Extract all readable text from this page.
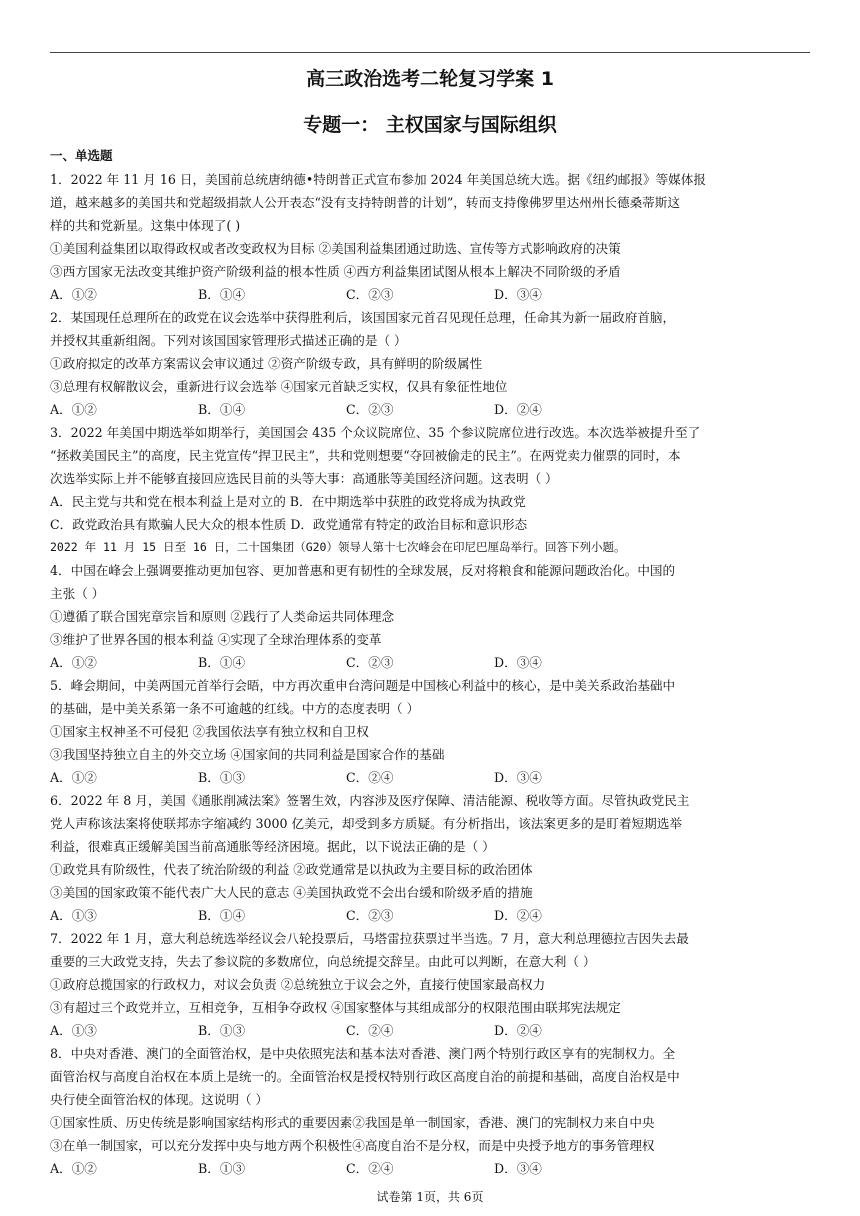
高三政治选考二轮复习学案 1
专题一： 主权国家与国际组织
一、单选题
1．2022 年 11 月 16 日，美国前总统唐纳德•特朗普正式宣布参加 2024 年美国总统大选。据《纽约邮报》等媒体报
道，越来越多的美国共和党超级捐款人公开表态“没有支持特朗普的计划”，转而支持像佛罗里达州州长德桑蒂斯这
样的共和党新星。这集中体现了( )
①美国利益集团以取得政权或者改变政权为目标 ②美国利益集团通过助选、宣传等方式影响政府的决策
③西方国家无法改变其维护资产阶级利益的根本性质 ④西方利益集团试图从根本上解决不同阶级的矛盾
A．①②	B．①④	C．②③	D．③④
2．某国现任总理所在的政党在议会选举中获得胜利后，该国国家元首召见现任总理，任命其为新一届政府首脑，
并授权其重新组阁。下列对该国国家管理形式描述正确的是（ ）
①政府拟定的改革方案需议会审议通过 ②资产阶级专政，具有鲜明的阶级属性
③总理有权解散议会，重新进行议会选举 ④国家元首缺乏实权，仅具有象征性地位
A．①②	B．①④	C．②③	D．②④
3．2022 年美国中期选举如期举行，美国国会 435 个众议院席位、35 个参议院席位进行改选。本次选举被提升至了
“拯救美国民主”的高度，民主党宣传“捍卫民主”，共和党则想要“夺回被偷走的民主”。在两党卖力催票的同时，本
次选举实际上并不能够直接回应选民目前的头等大事：高通胀等美国经济问题。这表明（ ）
A．民主党与共和党在根本利益上是对立的 B．在中期选举中获胜的政党将成为执政党
C．政党政治具有欺骗人民大众的根本性质 D．政党通常有特定的政治目标和意识形态
2022 年 11 月 15 日至 16 日，二十国集团（G20）领导人第十七次峰会在印尼巴厘岛举行。回答下列小题。
4．中国在峰会上强调要推动更加包容、更加普惠和更有韧性的全球发展，反对将粮食和能源问题政治化。中国的
主张（ ）
①遵循了联合国宪章宗旨和原则 ②践行了人类命运共同体理念
③维护了世界各国的根本利益 ④实现了全球治理体系的变革
A．①②	B．①④	C．②③	D．③④
5．峰会期间，中美两国元首举行会晤，中方再次重申台湾问题是中国核心利益中的核心，是中美关系政治基础中
的基础，是中美关系第一条不可逾越的红线。中方的态度表明（ ）
①国家主权神圣不可侵犯 ②我国依法享有独立权和自卫权
③我国坚持独立自主的外交立场 ④国家间的共同利益是国家合作的基础
A．①②	B．①③	C．②④	D．③④
6．2022 年 8 月，美国《通胀削减法案》签署生效，内容涉及医疗保障、清洁能源、税收等方面。尽管执政党民主
党人声称该法案将使联邦赤字缩减约 3000 亿美元，却受到多方质疑。有分析指出，该法案更多的是盯着短期选举
利益，很难真正缓解美国当前高通胀等经济困境。据此，以下说法正确的是（ ）
①政党具有阶级性，代表了统治阶级的利益 ②政党通常是以执政为主要目标的政治团体
③美国的国家政策不能代表广大人民的意志 ④美国执政党不会出台缓和阶级矛盾的措施
A．①③	B．①④	C．②③	D．②④
7．2022 年 1 月，意大利总统选举经议会八轮投票后，马塔雷拉获票过半当选。7 月，意大利总理德拉吉因失去最
重要的三大政党支持，失去了参议院的多数席位，向总统提交辞呈。由此可以判断，在意大利（ ）
①政府总揽国家的行政权力，对议会负责 ②总统独立于议会之外，直接行使国家最高权力
③有超过三个政党并立，互相竞争，互相争夺政权 ④国家整体与其组成部分的权限范围由联邦宪法规定
A．①③	B．①③	C．②④	D．②④
8．中央对香港、澳门的全面管治权，是中央依照宪法和基本法对香港、澳门两个特别行政区享有的宪制权力。全
面管治权与高度自治权在本质上是统一的。全面管治权是授权特别行政区高度自治的前提和基础，高度自治权是中
央行使全面管治权的体现。这说明（ ）
①国家性质、历史传统是影响国家结构形式的重要因素②我国是单一制国家，香港、澳门的宪制权力来自中央
③在单一制国家，可以充分发挥中央与地方两个积极性④高度自治不是分权，而是中央授予地方的事务管理权
A．①②	B．①③	C．②④	D．③④
试卷第 1页，共 6页
